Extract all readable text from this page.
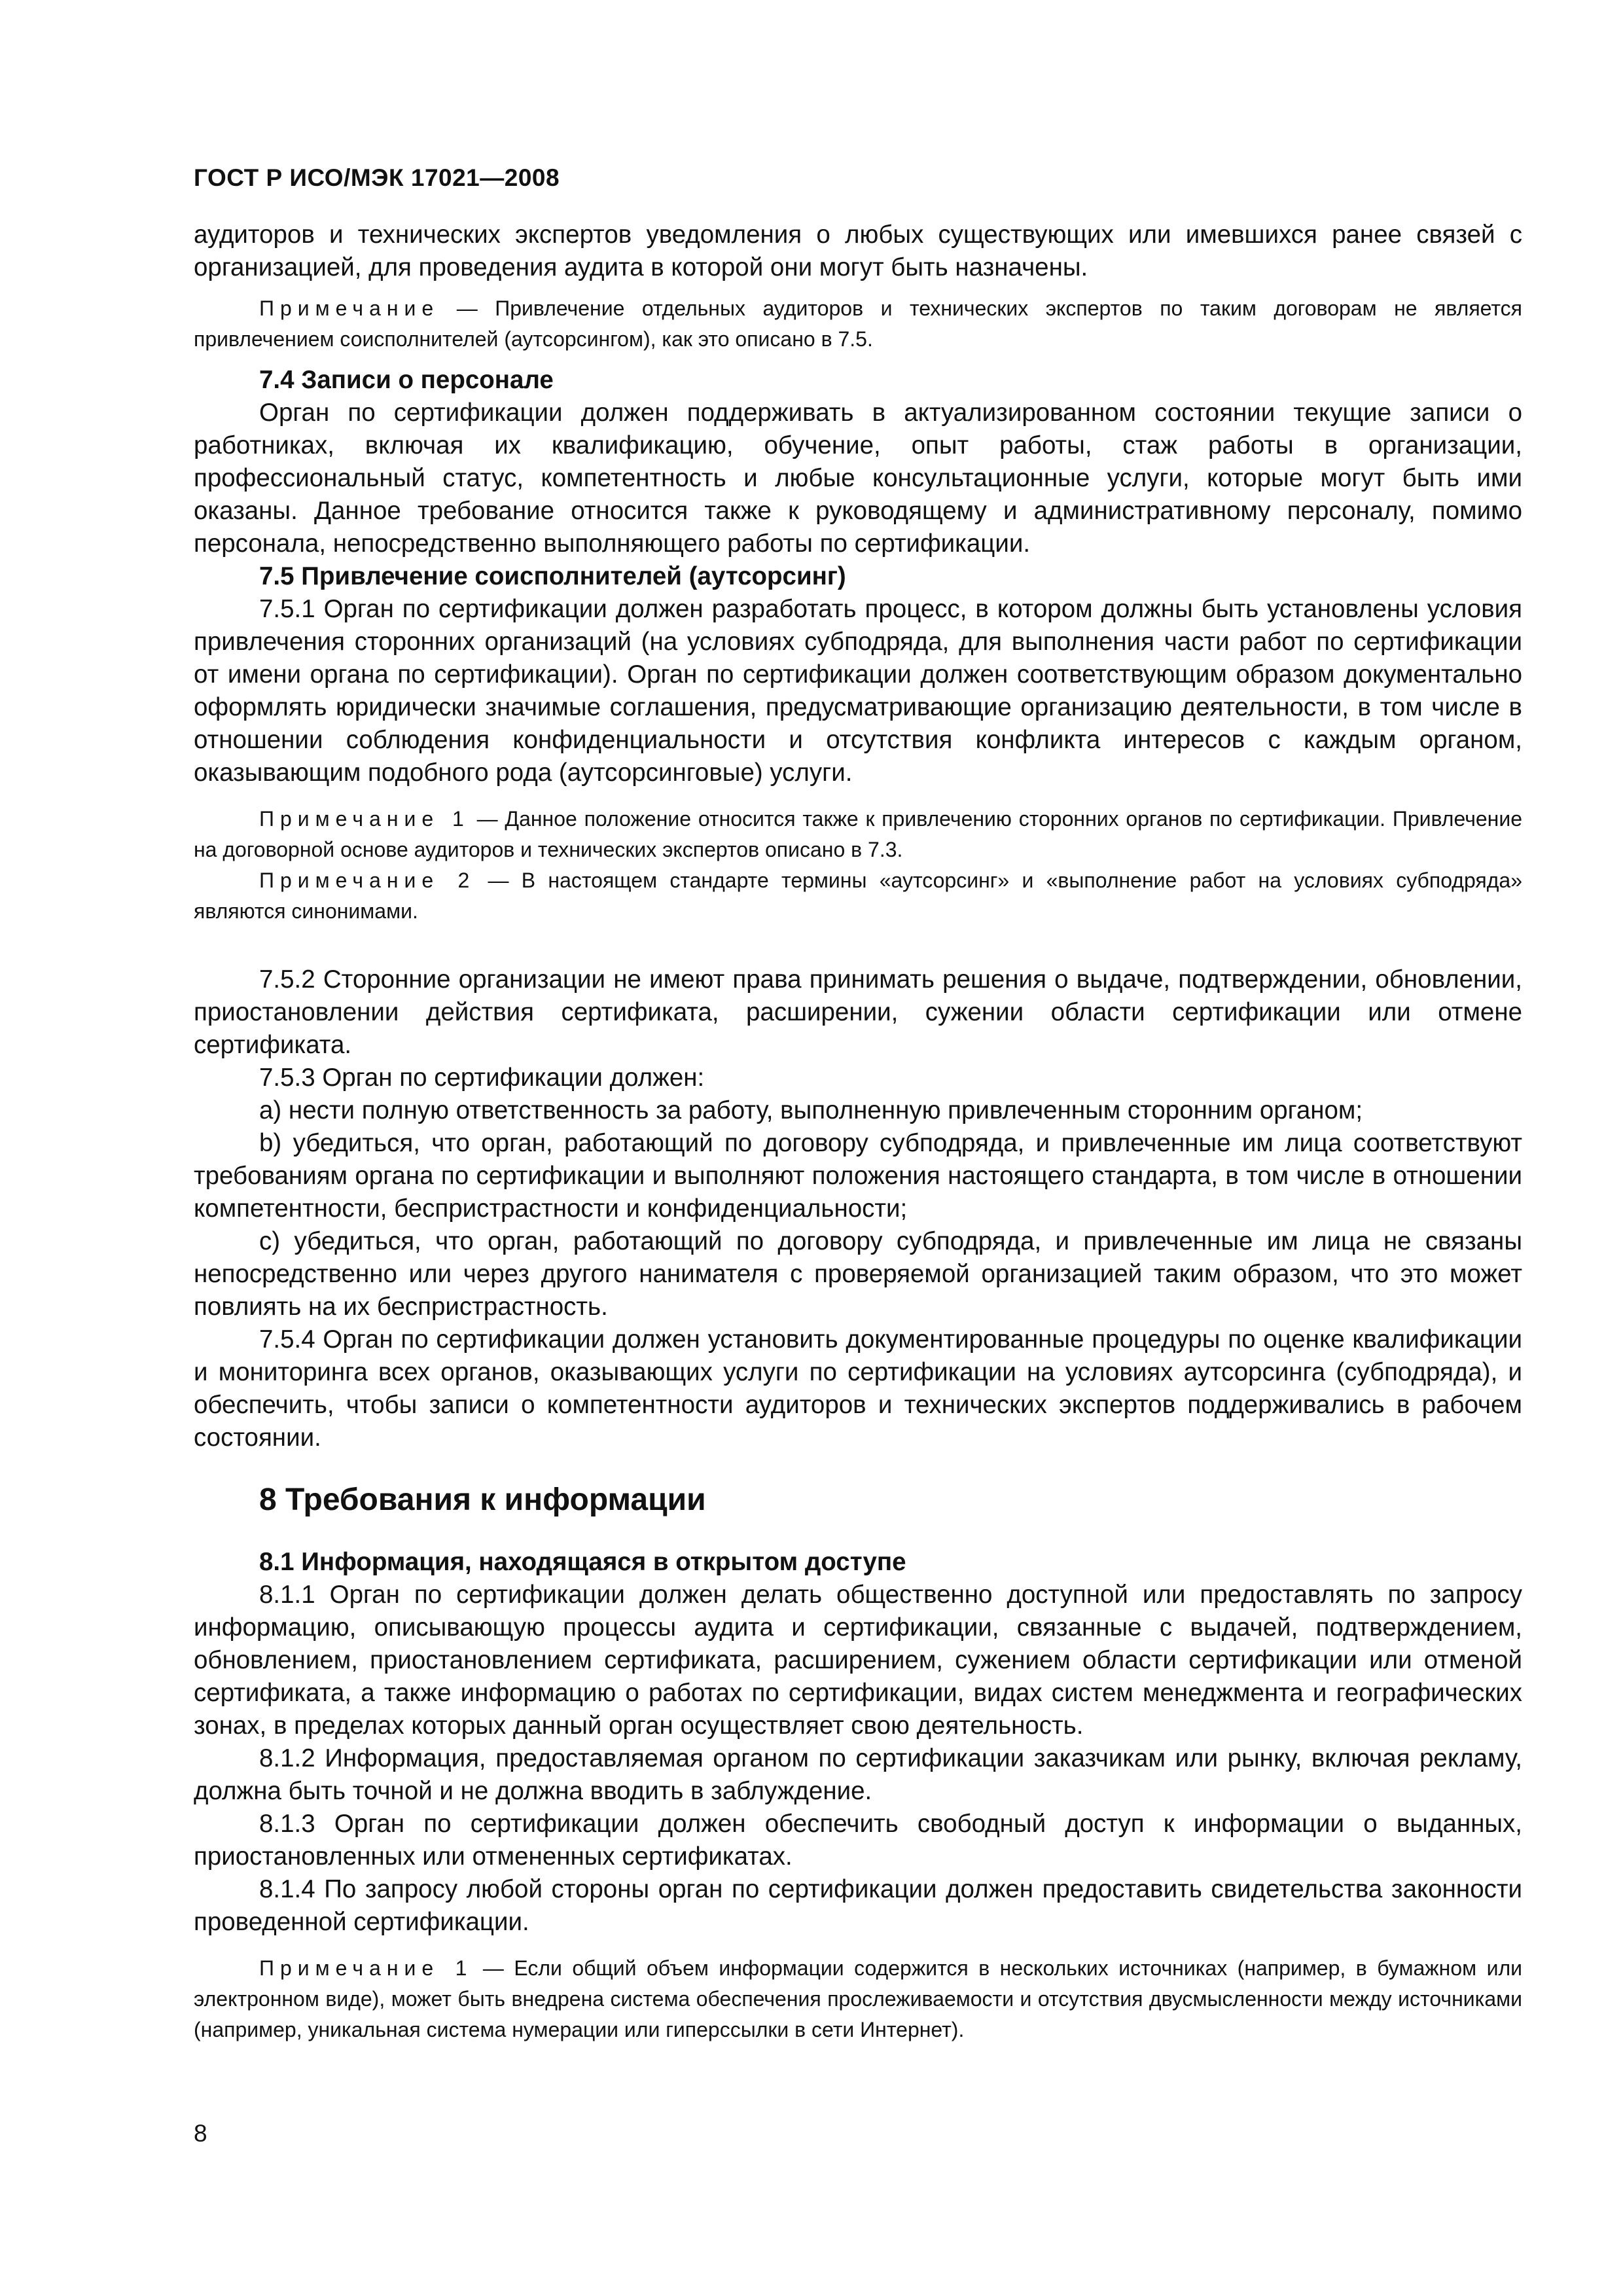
ГОСТ Р ИСО/МЭК 17021—2008

аудиторов и технических экспертов уведомления о любых существующих или имевшихся ранее связей с организацией, для проведения аудита в которой они могут быть назначены.

Примечание — Привлечение отдельных аудиторов и технических экспертов по таким договорам не является привлечением соисполнителей (аутсорсингом), как это описано в 7.5.
7.4 Записи о персонале

Орган по сертификации должен поддерживать в актуализированном состоянии текущие записи о работниках, включая их квалификацию, обучение, опыт работы, стаж работы в организации, профессиональный статус, компетентность и любые консультационные услуги, которые могут быть ими оказаны. Данное требование относится также к руководящему и административному персоналу, помимо персонала, непосредственно выполняющего работы по сертификации.

7.5 Привлечение соисполнителей (аутсорсинг)

7.5.1 Орган по сертификации должен разработать процесс, в котором должны быть установлены условия привлечения сторонних организаций (на условиях субподряда, для выполнения части работ по сертификации от имени органа по сертификации). Орган по сертификации должен соответствующим образом документально оформлять юридически значимые соглашения, предусматривающие организацию деятельности, в том числе в отношении соблюдения конфиденциальности и отсутствия конфликта интересов с каждым органом, оказывающим подобного рода (аутсорсинговые) услуги.

Примечание 1 — Данное положение относится также к привлечению сторонних органов по сертификации. Привлечение на договорной основе аудиторов и технических экспертов описано в 7.3.
Примечание 2 — В настоящем стандарте термины «аутсорсинг» и «выполнение работ на условиях субподряда» являются синонимами.

7.5.2 Сторонние организации не имеют права принимать решения о выдаче, подтверждении, обновлении, приостановлении действия сертификата, расширении, сужении области сертификации или отмене сертификата.

7.5.3 Орган по сертификации должен:

a) нести полную ответственность за работу, выполненную привлеченным сторонним органом;

b) убедиться, что орган, работающий по договору субподряда, и привлеченные им лица соответствуют требованиям органа по сертификации и выполняют положения настоящего стандарта, в том числе в отношении компетентности, беспристрастности и конфиденциальности;

c) убедиться, что орган, работающий по договору субподряда, и привлеченные им лица не связаны непосредственно или через другого нанимателя с проверяемой организацией таким образом, что это может повлиять на их беспристрастность.

7.5.4 Орган по сертификации должен установить документированные процедуры по оценке квалификации и мониторинга всех органов, оказывающих услуги по сертификации на условиях аутсорсинга (субподряда), и обеспечить, чтобы записи о компетентности аудиторов и технических экспертов поддерживались в рабочем состоянии.

8 Требования к информации
8.1 Информация, находящаяся в открытом доступе

8.1.1 Орган по сертификации должен делать общественно доступной или предоставлять по запросу информацию, описывающую процессы аудита и сертификации, связанные с выдачей, подтверждением, обновлением, приостановлением сертификата, расширением, сужением области сертификации или отменой сертификата, а также информацию о работах по сертификации, видах систем менеджмента и географических зонах, в пределах которых данный орган осуществляет свою деятельность.

8.1.2 Информация, предоставляемая органом по сертификации заказчикам или рынку, включая рекламу, должна быть точной и не должна вводить в заблуждение.

8.1.3 Орган по сертификации должен обеспечить свободный доступ к информации о выданных, приостановленных или отмененных сертификатах.

8.1.4 По запросу любой стороны орган по сертификации должен предоставить свидетельства законности проведенной сертификации.

Примечание 1 — Если общий объем информации содержится в нескольких источниках (например, в бумажном или электронном виде), может быть внедрена система обеспечения прослеживаемости и отсутствия двусмысленности между источниками (например, уникальная система нумерации или гиперссылки в сети Интернет).
8
